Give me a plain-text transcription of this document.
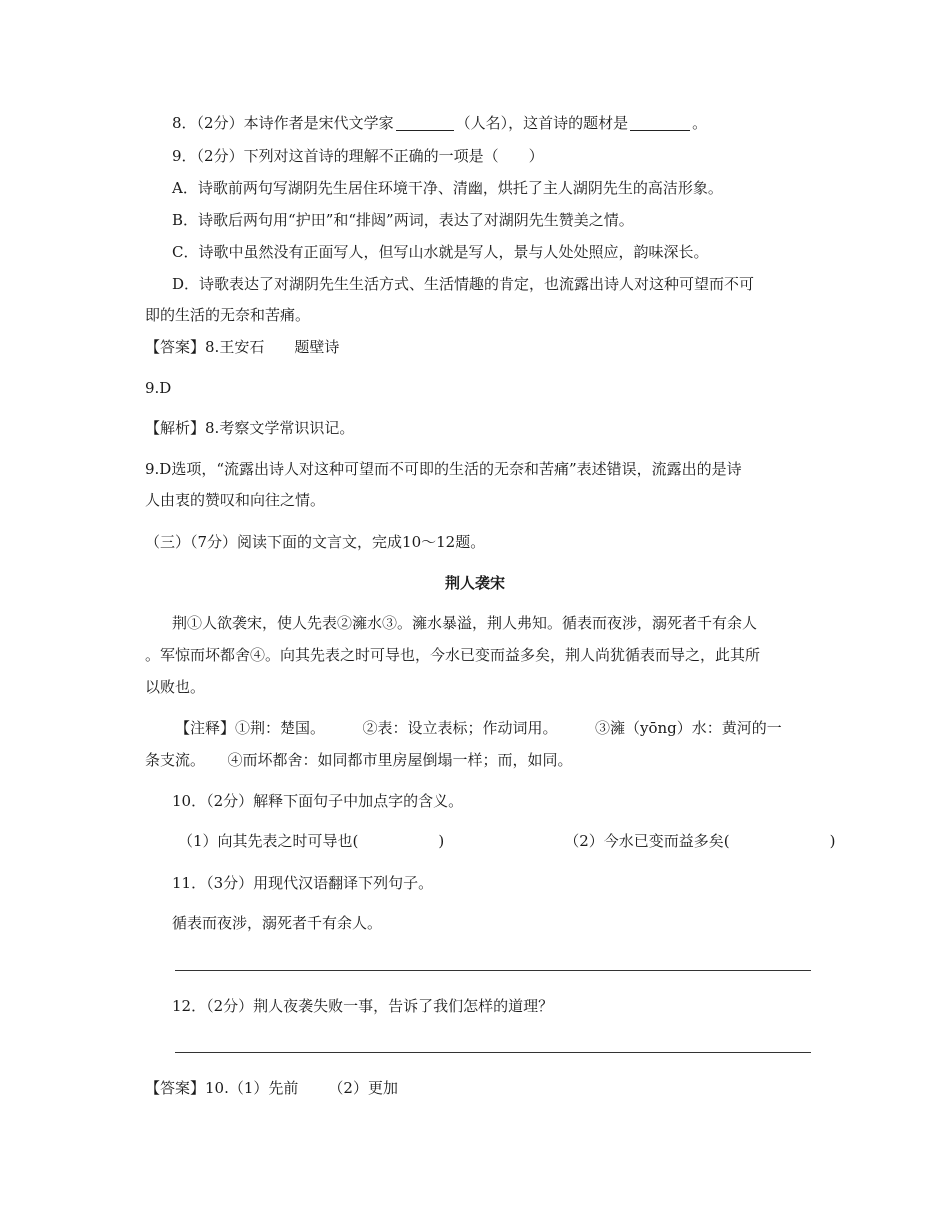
8．（2分）本诗作者是宋代文学家	（人名），这首诗的题材是	。
9．（2分）下列对这首诗的理解不正确的一项是（　　）
A．诗歌前两句写湖阴先生居住环境干净、清幽，烘托了主人湖阴先生的高洁形象。
B．诗歌后两句用“护田”和“排闼”两词，表达了对湖阴先生赞美之情。
C．诗歌中虽然没有正面写人，但写山水就是写人，景与人处处照应，韵味深长。
D．诗歌表达了对湖阴先生生活方式、生活情趣的肯定，也流露出诗人对这种可望而不可
即的生活的无奈和苦痛。
【答案】8.王安石 题壁诗
9.D
【解析】8.考察文学常识识记。
9.D选项，“流露出诗人对这种可望而不可即的生活的无奈和苦痛”表述错误，流露出的是诗
人由衷的赞叹和向往之情。
（三）（7分）阅读下面的文言文，完成10～12题。
荆人袭宋
荆①人欲袭宋，使人先表②澭水③。澭水暴溢，荆人弗知。循表而夜涉，溺死者千有余人
。军惊而坏都舍④。向其先表之时可导也，今水已变而益多矣，荆人尚犹循表而导之，此其所
以败也。
【注释】①荆：楚国。　　　②表：设立表标；作动词用。　　　③澭（yōng）水：黄河的一
条支流。　　④而坏都舍：如同都市里房屋倒塌一样；而，如同。
10．（2分）解释下面句子中加点字的含义。
（1）向其先表之时可导也(	)	（2）今水已变而益多矣(	)
11．（3分）用现代汉语翻译下列句子。
循表而夜涉，溺死者千有余人。
12．（2分）荆人夜袭失败一事，告诉了我们怎样的道理？
【答案】10.（1）先前 （2）更加
